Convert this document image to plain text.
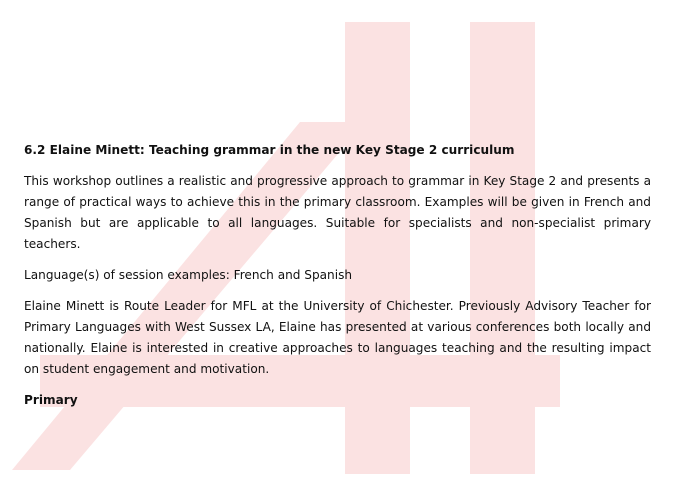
6.2 Elaine Minett: Teaching grammar in the new Key Stage 2 curriculum

This workshop outlines a realistic and progressive approach to grammar in Key Stage 2 and presents a range of practical ways to achieve this in the primary classroom. Examples will be given in French and Spanish but are applicable to all languages. Suitable for specialists and non-specialist primary teachers.

Language(s) of session examples: French and Spanish

Elaine Minett is Route Leader for MFL at the University of Chichester. Previously Advisory Teacher for Primary Languages with West Sussex LA, Elaine has presented at various conferences both locally and nationally. Elaine is interested in creative approaches to languages teaching and the resulting impact on student engagement and motivation.

Primary
